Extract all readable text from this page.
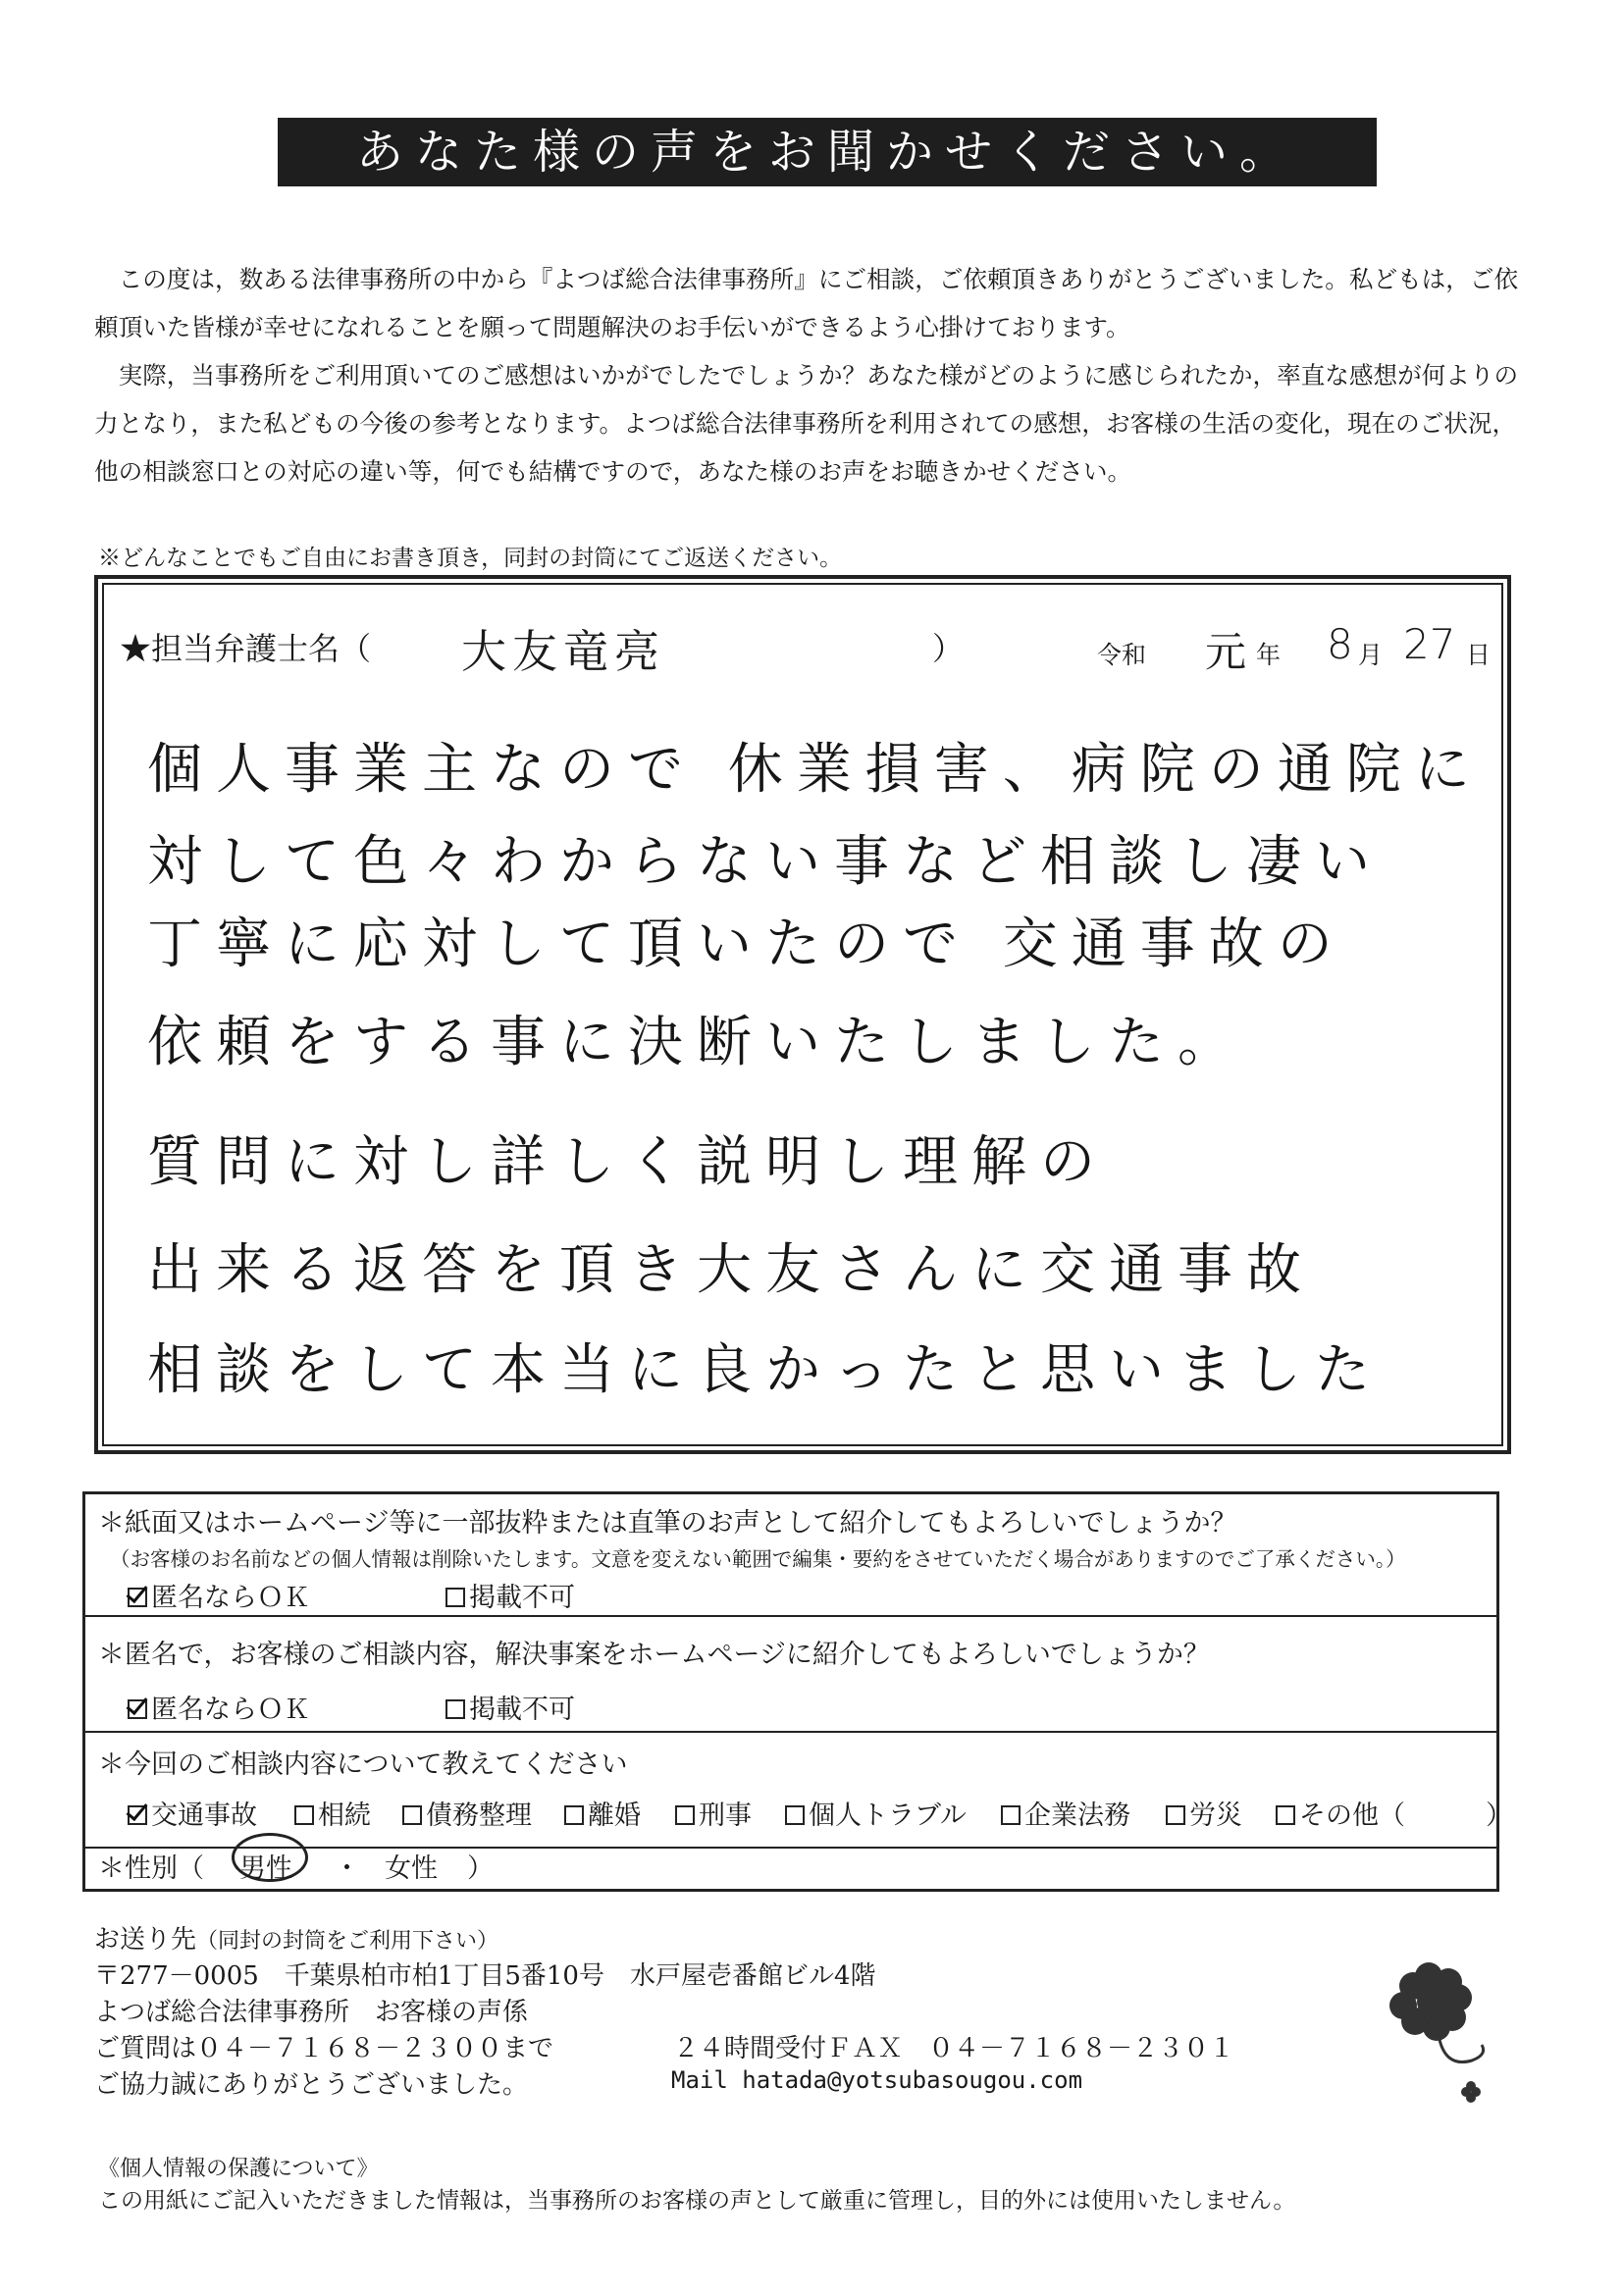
あなた様の声をお聞かせください。

この度は，数ある法律事務所の中から『よつば総合法律事務所』にご相談，ご依頼頂きありがとうございました。私どもは，ご依頼頂いた皆様が幸せになれることを願って問題解決のお手伝いができるよう心掛けております。

実際，当事務所をご利用頂いてのご感想はいかがでしたでしょうか？あなた様がどのように感じられたか，率直な感想が何よりの力となり，また私どもの今後の参考となります。よつば総合法律事務所を利用されての感想，お客様の生活の変化，現在のご状況，他の相談窓口との対応の違い等，何でも結構ですので，あなた様のお声をお聴きかせください。

※どんなことでもご自由にお書き頂き，同封の封筒にてご返送ください。
★担当弁護士名（ 大友竜亮	）	令和 元 年 8 月 27 日
個人事業主なので 休業損害、病院の通院に
対して色々わからない事など相談し凄い
丁寧に応対して頂いたので 交通事故の
依頼をする事に決断いたしました。
質問に対し詳しく説明し理解の
出来る返答を頂き大友さんに交通事故
相談をして本当に良かったと思いました
＊紙面又はホームページ等に一部抜粋または直筆のお声として紹介してもよろしいでしょうか？
（お客様のお名前などの個人情報は削除いたします。文意を変えない範囲で編集・要約をさせていただく場合がありますのでご了承ください。）
匿名ならＯＫ	掲載不可
＊匿名で，お客様のご相談内容，解決事案をホームページに紹介してもよろしいでしょうか？
匿名ならＯＫ	掲載不可
＊今回のご相談内容について教えてください
交通事故	相続	債務整理	離婚	刑事	個人トラブル	企業法務	労災	その他（	）
＊性別（ 男性 ・ 女性 ）
お送り先（同封の封筒をご利用下さい）
〒277－0005　千葉県柏市柏1丁目5番10号　水戸屋壱番館ビル4階
よつば総合法律事務所　お客様の声係
ご質問は０４－７１６８－２３００まで	２４時間受付ＦＡＸ　０４－７１６８－２３０１
ご協力誠にありがとうございました。	Mail hatada@yotsubasougou.com
《個人情報の保護について》
この用紙にご記入いただきました情報は，当事務所のお客様の声として厳重に管理し，目的外には使用いたしません。
